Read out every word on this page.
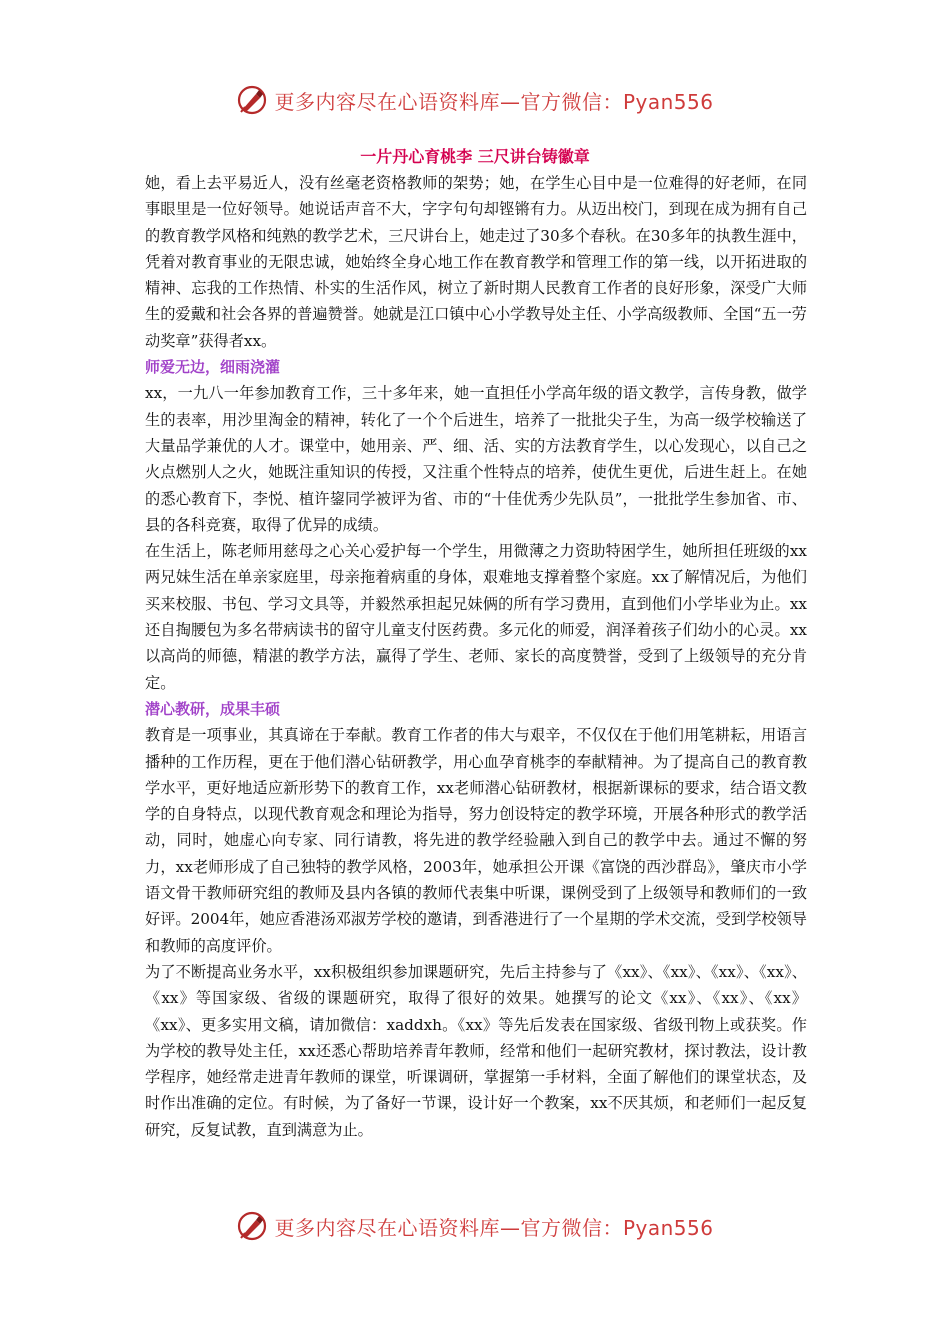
更多内容尽在心语资料库—官方微信：Pyan556
一片丹心育桃李 三尺讲台铸徽章

她，看上去平易近人，没有丝毫老资格教师的架势；她，在学生心目中是一位难得的好老师，在同事眼里是一位好领导。她说话声音不大，字字句句却铿锵有力。从迈出校门，到现在成为拥有自己的教育教学风格和纯熟的教学艺术，三尺讲台上，她走过了30多个春秋。在30多年的执教生涯中，凭着对教育事业的无限忠诚，她始终全身心地工作在教育教学和管理工作的第一线，以开拓进取的精神、忘我的工作热情、朴实的生活作风，树立了新时期人民教育工作者的良好形象，深受广大师生的爱戴和社会各界的普遍赞誉。她就是江口镇中心小学教导处主任、小学高级教师、全国“五一劳动奖章”获得者xx。

师爱无边，细雨浇灌

xx，一九八一年参加教育工作，三十多年来，她一直担任小学高年级的语文教学，言传身教，做学生的表率，用沙里淘金的精神，转化了一个个后进生，培养了一批批尖子生，为高一级学校输送了大量品学兼优的人才。课堂中，她用亲、严、细、活、实的方法教育学生，以心发现心，以自己之火点燃别人之火，她既注重知识的传授，又注重个性特点的培养，使优生更优，后进生赶上。在她的悉心教育下，李悦、植许鋆同学被评为省、市的“十佳优秀少先队员”，一批批学生参加省、市、县的各科竞赛，取得了优异的成绩。

在生活上，陈老师用慈母之心关心爱护每一个学生，用微薄之力资助特困学生，她所担任班级的xx两兄妹生活在单亲家庭里，母亲拖着病重的身体，艰难地支撑着整个家庭。xx了解情况后，为他们买来校服、书包、学习文具等，并毅然承担起兄妹俩的所有学习费用，直到他们小学毕业为止。xx还自掏腰包为多名带病读书的留守儿童支付医药费。多元化的师爱，润泽着孩子们幼小的心灵。xx以高尚的师德，精湛的教学方法，赢得了学生、老师、家长的高度赞誉，受到了上级领导的充分肯定。

潜心教研，成果丰硕

教育是一项事业，其真谛在于奉献。教育工作者的伟大与艰辛，不仅仅在于他们用笔耕耘，用语言播种的工作历程，更在于他们潜心钻研教学，用心血孕育桃李的奉献精神。为了提高自己的教育教学水平，更好地适应新形势下的教育工作，xx老师潜心钻研教材，根据新课标的要求，结合语文教学的自身特点，以现代教育观念和理论为指导，努力创设特定的教学环境，开展各种形式的教学活动，同时，她虚心向专家、同行请教，将先进的教学经验融入到自己的教学中去。通过不懈的努力，xx老师形成了自己独特的教学风格，2003年，她承担公开课《富饶的西沙群岛》，肇庆市小学语文骨干教师研究组的教师及县内各镇的教师代表集中听课，课例受到了上级领导和教师们的一致好评。2004年，她应香港汤邓淑芳学校的邀请，到香港进行了一个星期的学术交流，受到学校领导和教师的高度评价。

为了不断提高业务水平，xx积极组织参加课题研究，先后主持参与了《xx》、《xx》、《xx》、《xx》、《xx》等国家级、省级的课题研究，取得了很好的效果。她撰写的论文《xx》、《xx》、《xx》《xx》、更多实用文稿，请加微信：xaddxh。《xx》等先后发表在国家级、省级刊物上或获奖。作为学校的教导处主任，xx还悉心帮助培养青年教师，经常和他们一起研究教材，探讨教法，设计教学程序，她经常走进青年教师的课堂，听课调研，掌握第一手材料，全面了解他们的课堂状态，及时作出准确的定位。有时候，为了备好一节课，设计好一个教案，xx不厌其烦，和老师们一起反复研究，反复试教，直到满意为止。

更多内容尽在心语资料库—官方微信：Pyan556
